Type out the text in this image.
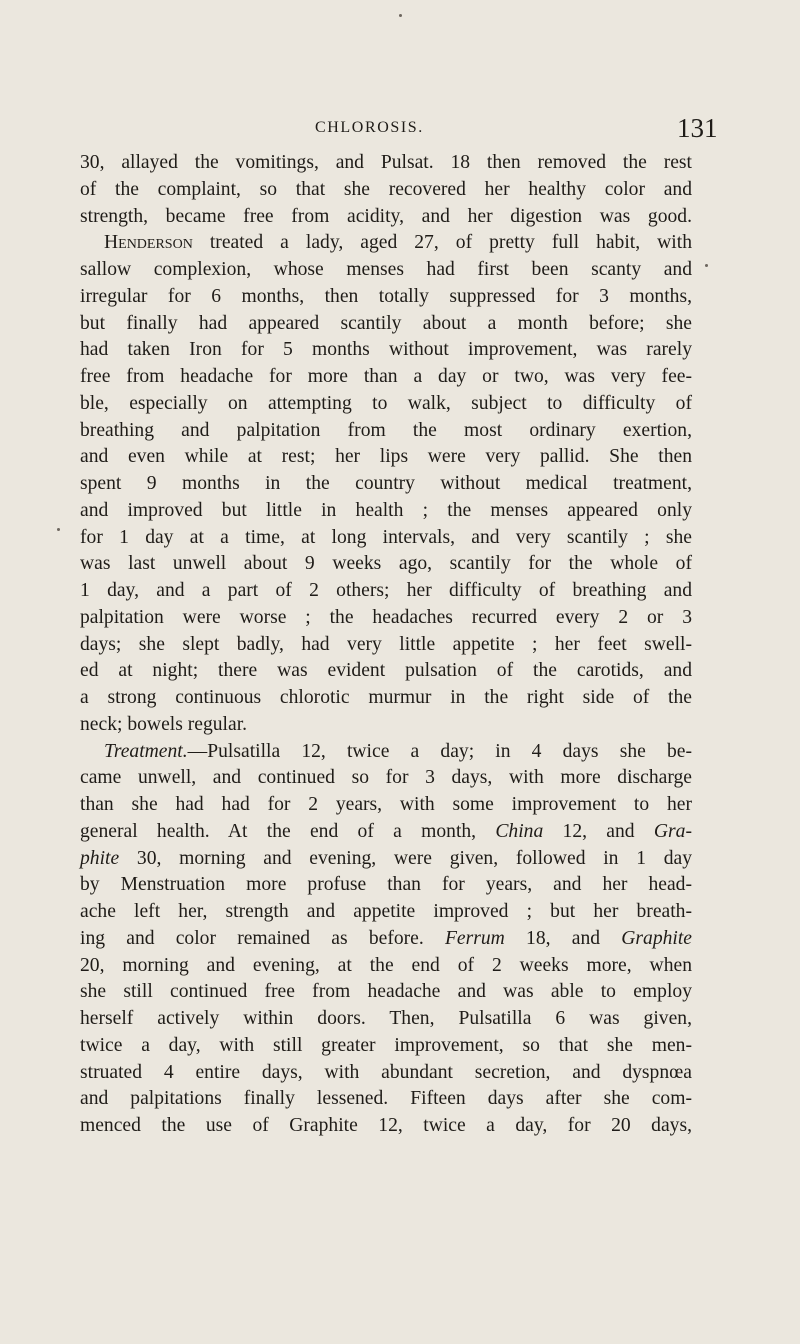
CHLOROSIS.	131
30, allayed the vomitings, and Pulsat. 18 then removed the rest
of the complaint, so that she recovered her healthy color and
strength, became free from acidity, and her digestion was good.
Henderson treated a lady, aged 27, of pretty full habit, with
sallow complexion, whose menses had first been scanty and
irregular for 6 months, then totally suppressed for 3 months,
but finally had appeared scantily about a month before; she
had taken Iron for 5 months without improvement, was rarely
free from headache for more than a day or two, was very fee-
ble, especially on attempting to walk, subject to difficulty of
breathing and palpitation from the most ordinary exertion,
and even while at rest; her lips were very pallid. She then
spent 9 months in the country without medical treatment,
and improved but little in health ; the menses appeared only
for 1 day at a time, at long intervals, and very scantily ; she
was last unwell about 9 weeks ago, scantily for the whole of
1 day, and a part of 2 others; her difficulty of breathing and
palpitation were worse ; the headaches recurred every 2 or 3
days; she slept badly, had very little appetite ; her feet swell-
ed at night; there was evident pulsation of the carotids, and
a strong continuous chlorotic murmur in the right side of the
neck; bowels regular.
Treatment.—Pulsatilla 12, twice a day; in 4 days she be-
came unwell, and continued so for 3 days, with more discharge
than she had had for 2 years, with some improvement to her
general health. At the end of a month, China 12, and Gra-
phite 30, morning and evening, were given, followed in 1 day
by Menstruation more profuse than for years, and her head-
ache left her, strength and appetite improved ; but her breath-
ing and color remained as before. Ferrum 18, and Graphite
20, morning and evening, at the end of 2 weeks more, when
she still continued free from headache and was able to employ
herself actively within doors. Then, Pulsatilla 6 was given,
twice a day, with still greater improvement, so that she men-
struated 4 entire days, with abundant secretion, and dyspnœa
and palpitations finally lessened. Fifteen days after she com-
menced the use of Graphite 12, twice a day, for 20 days,
